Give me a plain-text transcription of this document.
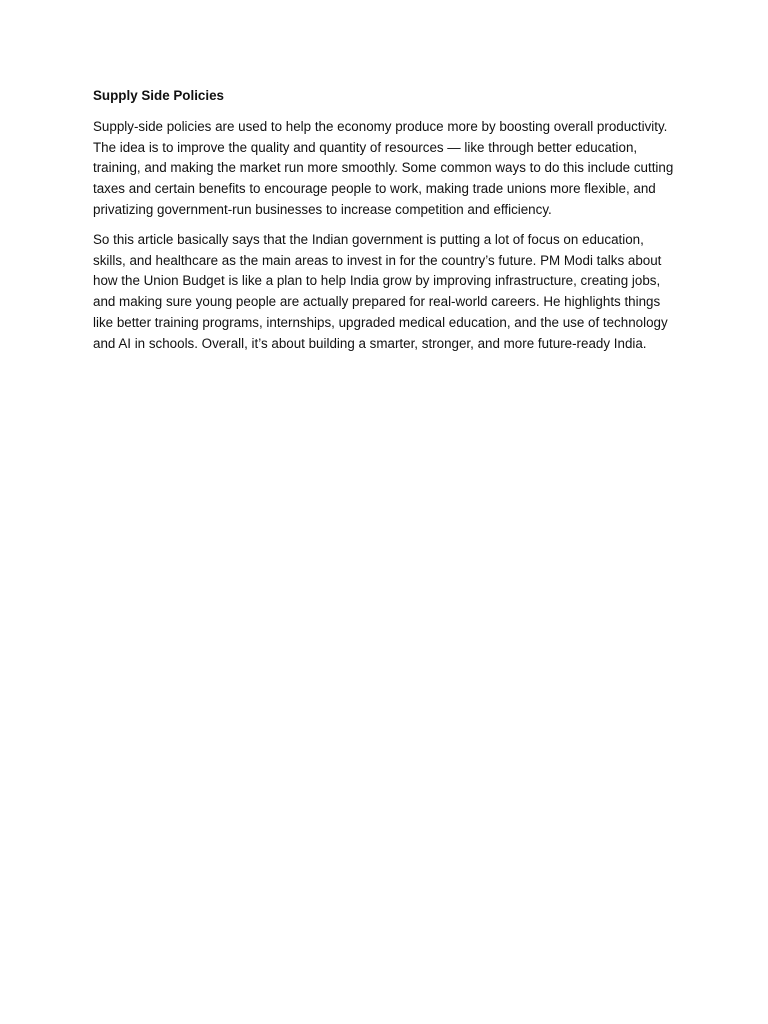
Supply Side Policies

Supply-side policies are used to help the economy produce more by boosting overall productivity. The idea is to improve the quality and quantity of resources — like through better education, training, and making the market run more smoothly. Some common ways to do this include cutting taxes and certain benefits to encourage people to work, making trade unions more flexible, and privatizing government-run businesses to increase competition and efficiency.

So this article basically says that the Indian government is putting a lot of focus on education, skills, and healthcare as the main areas to invest in for the country’s future. PM Modi talks about how the Union Budget is like a plan to help India grow by improving infrastructure, creating jobs, and making sure young people are actually prepared for real-world careers. He highlights things like better training programs, internships, upgraded medical education, and the use of technology and AI in schools. Overall, it’s about building a smarter, stronger, and more future-ready India.
